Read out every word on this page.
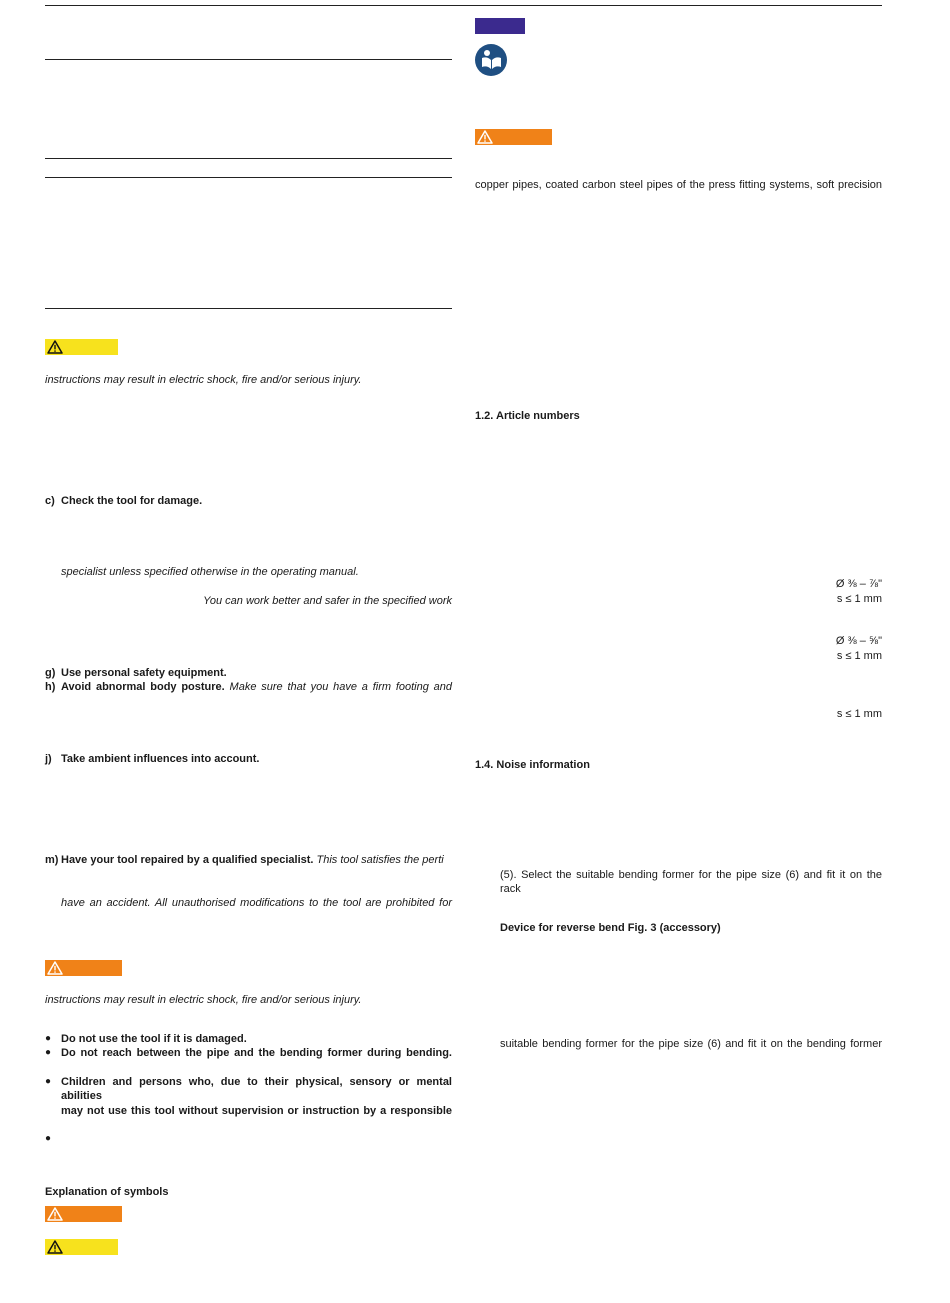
instructions may result in electric shock, fire and/or serious injury.
c) Check the tool for damage.
specialist unless specified otherwise in the operating manual.
You can work better and safer in the specified work
g) Use personal safety equipment.
h) Avoid abnormal body posture. Make sure that you have a firm footing and
j) Take ambient influences into account.
m) Have your tool repaired by a qualified specialist. This tool satisfies the perti
have an accident. All unauthorised modifications to the tool are prohibited for
instructions may result in electric shock, fire and/or serious injury.
● Do not use the tool if it is damaged.
● Do not reach between the pipe and the bending former during bending.
● Children and persons who, due to their physical, sensory or mental abilities
may not use this tool without supervision or instruction by a responsible
●
Explanation of symbols
copper pipes, coated carbon steel pipes of the press fitting systems, soft precision
1.2. Article numbers
Ø ⅜ – ⅞"
s ≤ 1 mm
Ø ⅜ – ⅝"
s ≤ 1 mm
s ≤ 1 mm
1.4. Noise information
(5). Select the suitable bending former for the pipe size (6) and fit it on the rack
Device for reverse bend Fig. 3 (accessory)
suitable bending former for the pipe size (6) and fit it on the bending former
